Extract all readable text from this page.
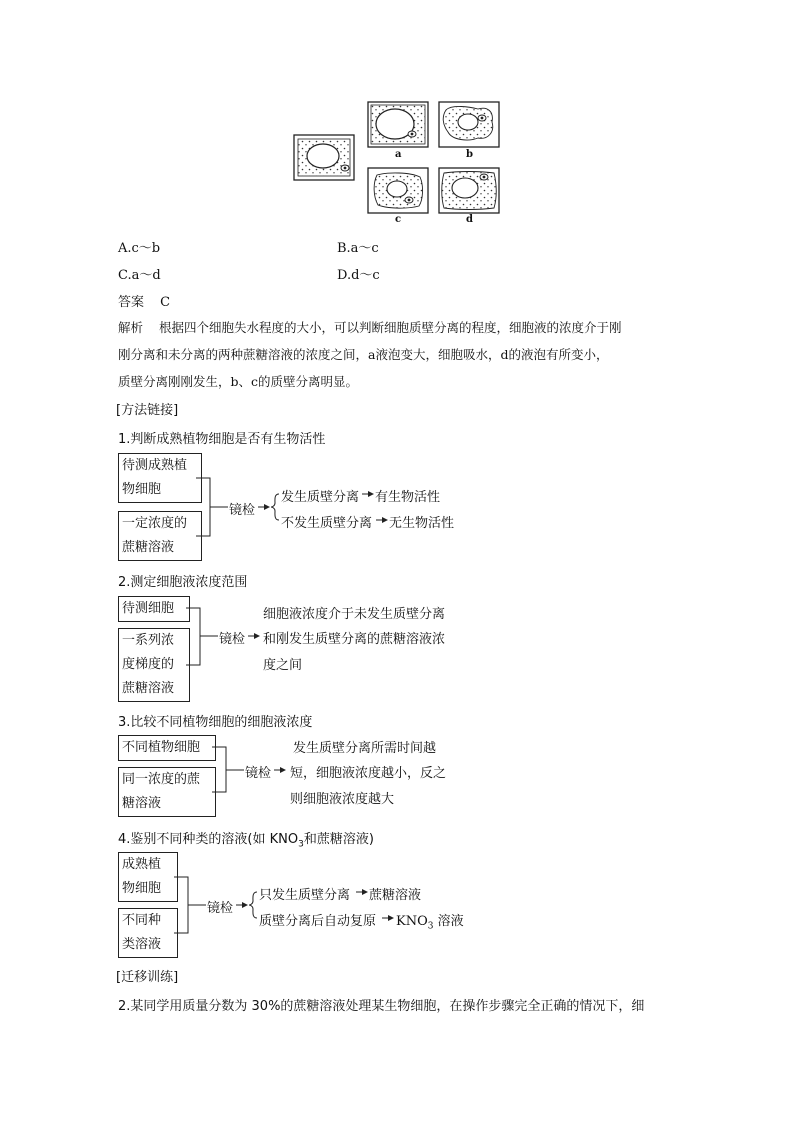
a	b
c	d
A.c～b	B.a～c
C.a～d	D.d～c
答案 C
解析 根据四个细胞失水程度的大小，可以判断细胞质壁分离的程度，细胞液的浓度介于刚
刚分离和未分离的两种蔗糖溶液的浓度之间，a液泡变大，细胞吸水，d的液泡有所变小，
质壁分离刚刚发生，b、c的质壁分离明显。
[方法链接]
1.判断成熟植物细胞是否有生物活性
待测成熟植
物细胞
一定浓度的
蔗糖溶液
镜检
发生质壁分离 有生物活性
不发生质壁分离 无生物活性
2.测定细胞液浓度范围
待测细胞
一系列浓
度梯度的
蔗糖溶液
镜检
细胞液浓度介于未发生质壁分离
和刚发生质壁分离的蔗糖溶液浓
度之间
3.比较不同植物细胞的细胞液浓度
不同植物细胞
同一浓度的蔗
糖溶液
镜检
发生质壁分离所需时间越
短，细胞液浓度越小，反之
则细胞液浓度越大
4.鉴别不同种类的溶液(如 $KNO_3$和蔗糖溶液)
成熟植
物细胞
不同种
类溶液
镜检
只发生质壁分离 蔗糖溶液
质壁分离后自动复原 $KNO_3$ 溶液
[迁移训练]
2.某同学用质量分数为 30%的蔗糖溶液处理某生物细胞，在操作步骤完全正确的情况下，细
